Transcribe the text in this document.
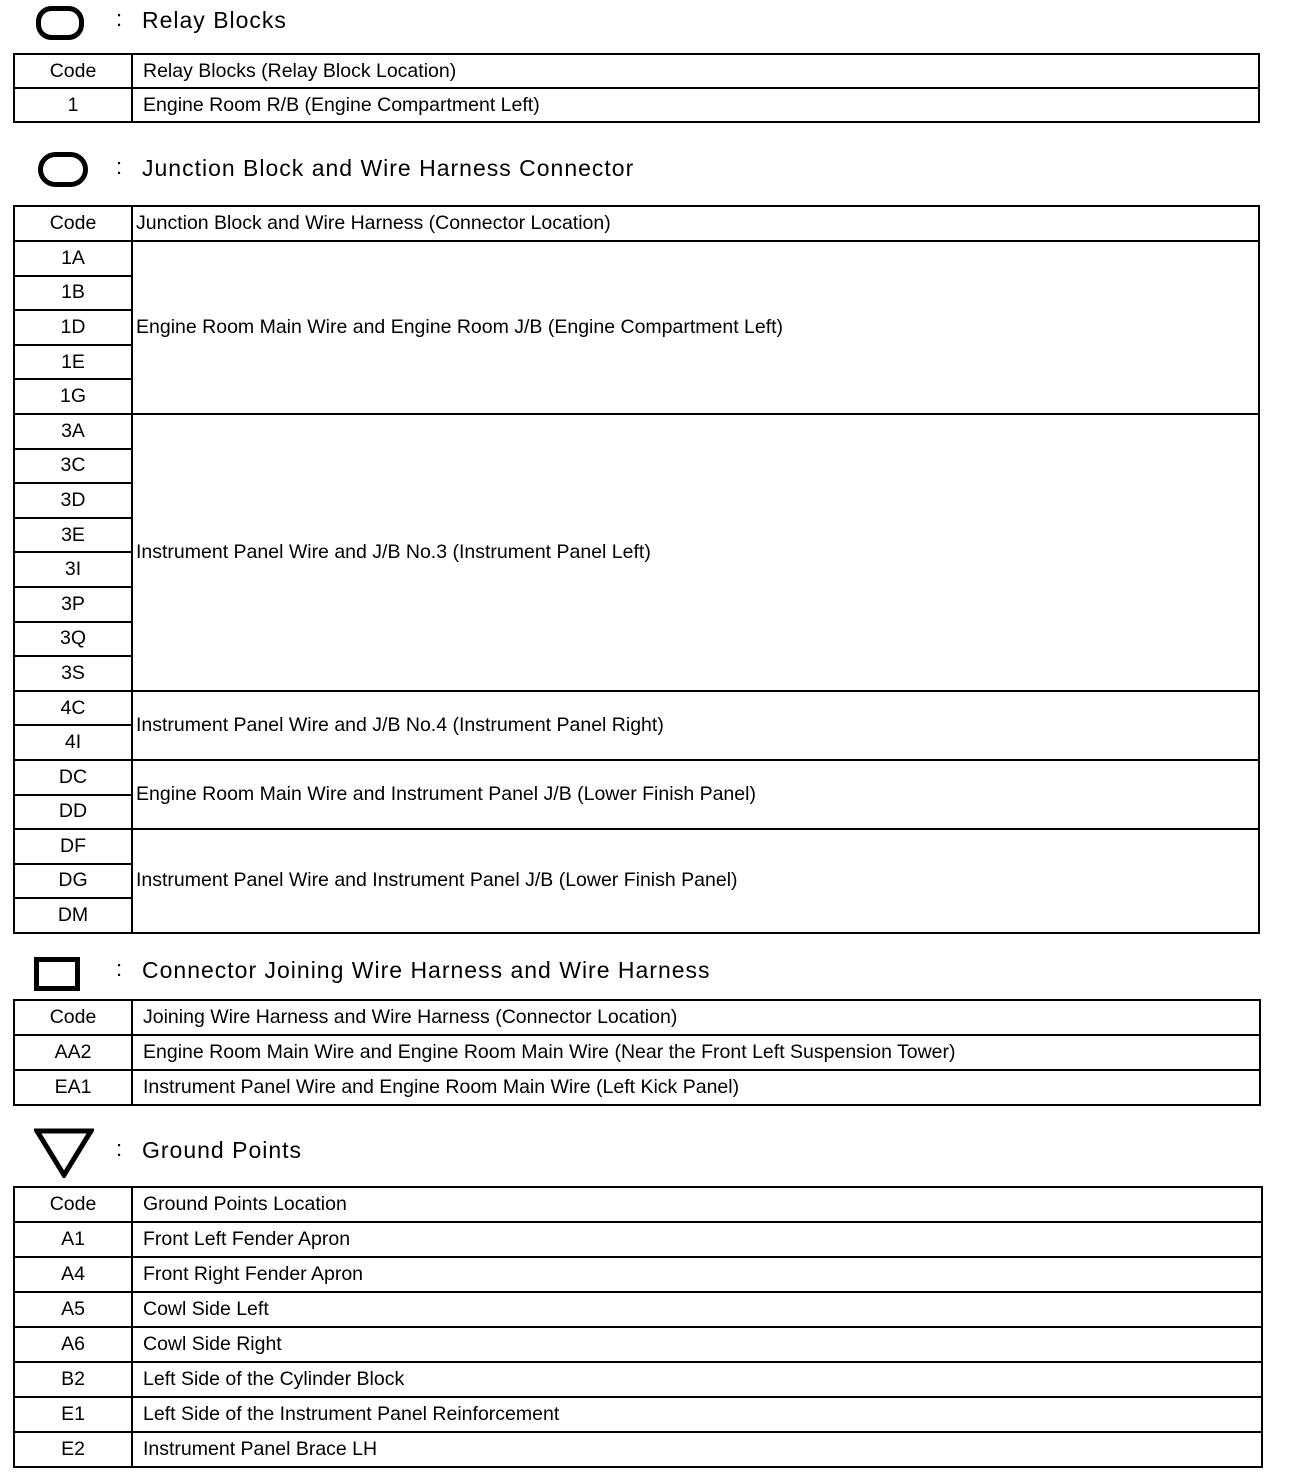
: Relay Blocks
Code	Relay Blocks (Relay Block Location)
1	Engine Room R/B (Engine Compartment Left)
: Junction Block and Wire Harness Connector
Code	Junction Block and Wire Harness (Connector Location)
1A	Engine Room Main Wire and Engine Room J/B (Engine Compartment Left)
1B	
1D	
1E	
1G	
3A	Instrument Panel Wire and J/B No.3 (Instrument Panel Left)
3C	
3D	
3E	
3I	
3P	
3Q	
3S	
4C	Instrument Panel Wire and J/B No.4 (Instrument Panel Right)
4I	
DC	Engine Room Main Wire and Instrument Panel J/B (Lower Finish Panel)
DD	
DF	Instrument Panel Wire and Instrument Panel J/B (Lower Finish Panel)
DG	
DM	
: Connector Joining Wire Harness and Wire Harness
Code	Joining Wire Harness and Wire Harness (Connector Location)
AA2	Engine Room Main Wire and Engine Room Main Wire (Near the Front Left Suspension Tower)
EA1	Instrument Panel Wire and Engine Room Main Wire (Left Kick Panel)
: Ground Points
Code	Ground Points Location
A1	Front Left Fender Apron
A4	Front Right Fender Apron
A5	Cowl Side Left
A6	Cowl Side Right
B2	Left Side of the Cylinder Block
E1	Left Side of the Instrument Panel Reinforcement
E2	Instrument Panel Brace LH
